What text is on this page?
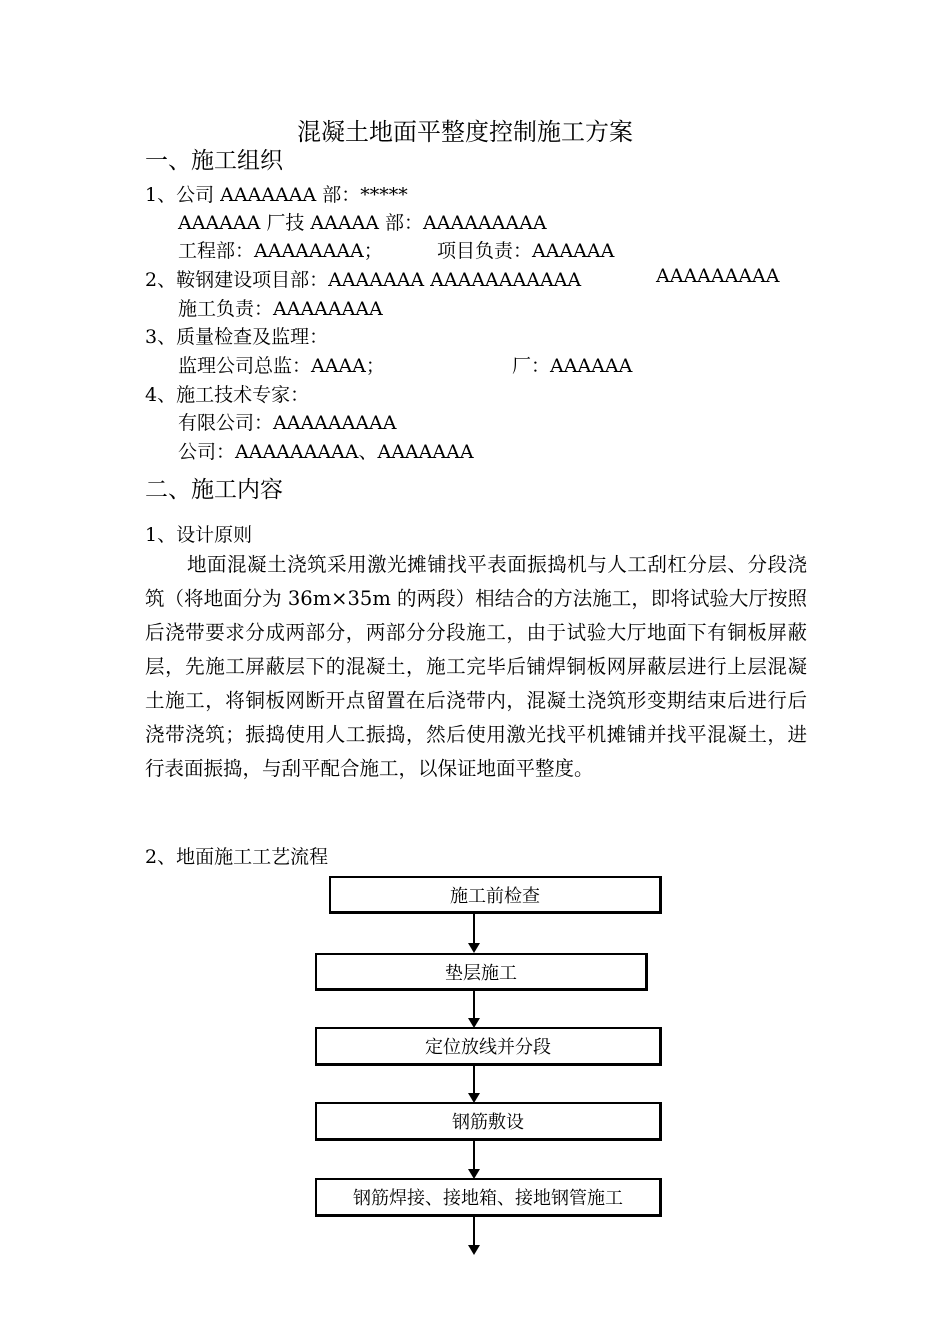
混凝土地面平整度控制施工方案
一、施工组织
1、公司 AAAAAAA 部：*****
AAAAAA 厂技 AAAAA 部：AAAAAAAAA
工程部：AAAAAAAA；	项目负责：AAAAAA
2、鞍钢建设项目部：AAAAAAA AAAAAAAAAAA	AAAAAAAAA
施工负责：AAAAAAAA
3、质量检查及监理：
监理公司总监：AAAA；	厂：AAAAAA
4、施工技术专家：
有限公司：AAAAAAAAA
公司：AAAAAAAAA、AAAAAAA
二、施工内容
1、设计原则
地面混凝土浇筑采用激光摊铺找平表面振捣机与人工刮杠分层、分段浇筑（将地面分为 36m×35m 的两段）相结合的方法施工，即将试验大厅按照后浇带要求分成两部分，两部分分段施工，由于试验大厅地面下有铜板屏蔽层，先施工屏蔽层下的混凝土，施工完毕后铺焊铜板网屏蔽层进行上层混凝土施工，将铜板网断开点留置在后浇带内，混凝土浇筑形变期结束后进行后浇带浇筑；振捣使用人工振捣，然后使用激光找平机摊铺并找平混凝土，进行表面振捣，与刮平配合施工，以保证地面平整度。
2、地面施工工艺流程
施工前检查
垫层施工
定位放线并分段
钢筋敷设
钢筋焊接、接地箱、接地钢管施工
